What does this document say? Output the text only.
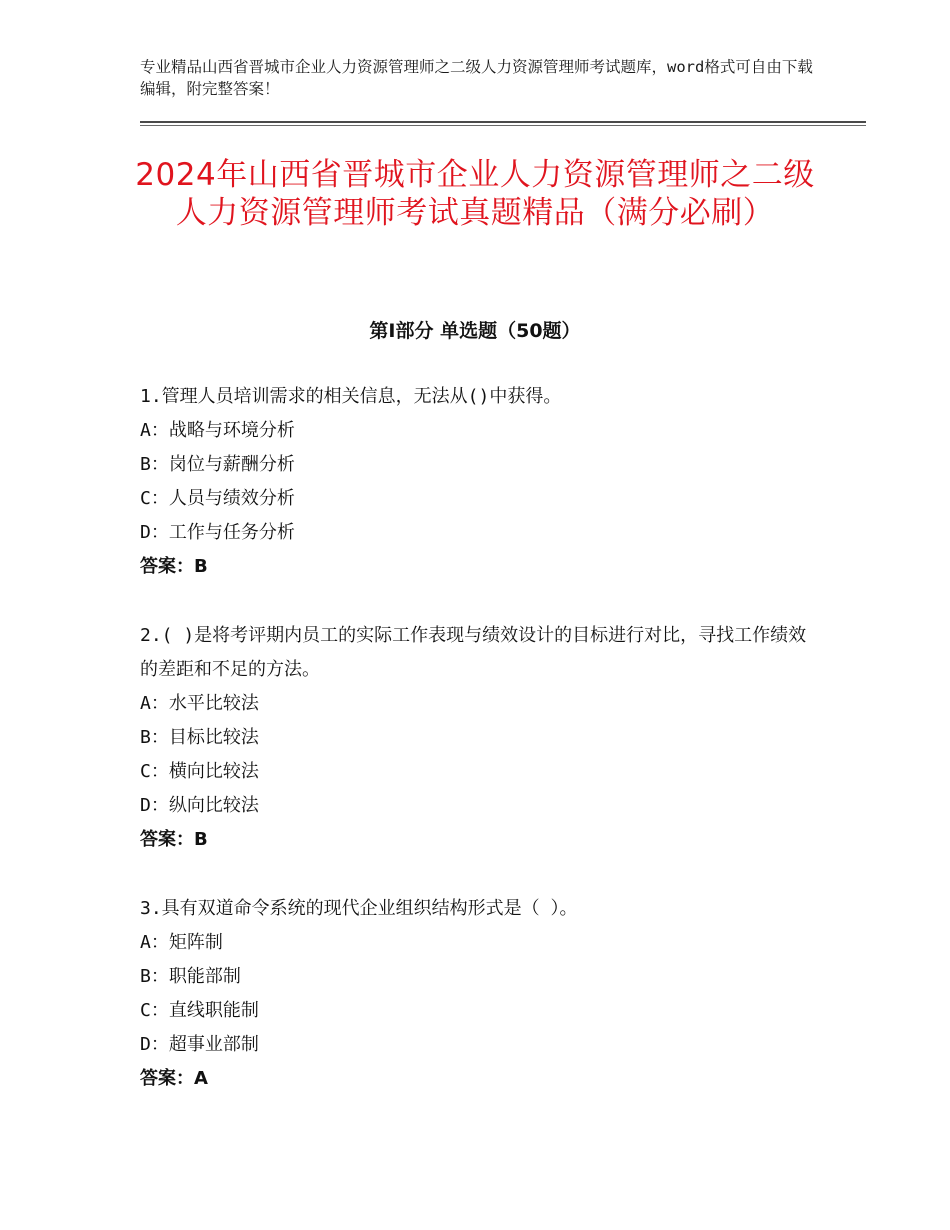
专业精品山西省晋城市企业人力资源管理师之二级人力资源管理师考试题库，word格式可自由下载编辑，附完整答案！
2024年山西省晋城市企业人力资源管理师之二级人力资源管理师考试真题精品（满分必刷）
第Ⅰ部分 单选题（50题）
1.管理人员培训需求的相关信息，无法从()中获得。
A：战略与环境分析
B：岗位与薪酬分析
C：人员与绩效分析
D：工作与任务分析
答案：B
2.( )是将考评期内员工的实际工作表现与绩效设计的目标进行对比，寻找工作绩效的差距和不足的方法。
A：水平比较法
B：目标比较法
C：横向比较法
D：纵向比较法
答案：B
3.具有双道命令系统的现代企业组织结构形式是（ ）。
A：矩阵制
B：职能部制
C：直线职能制
D：超事业部制
答案：A
